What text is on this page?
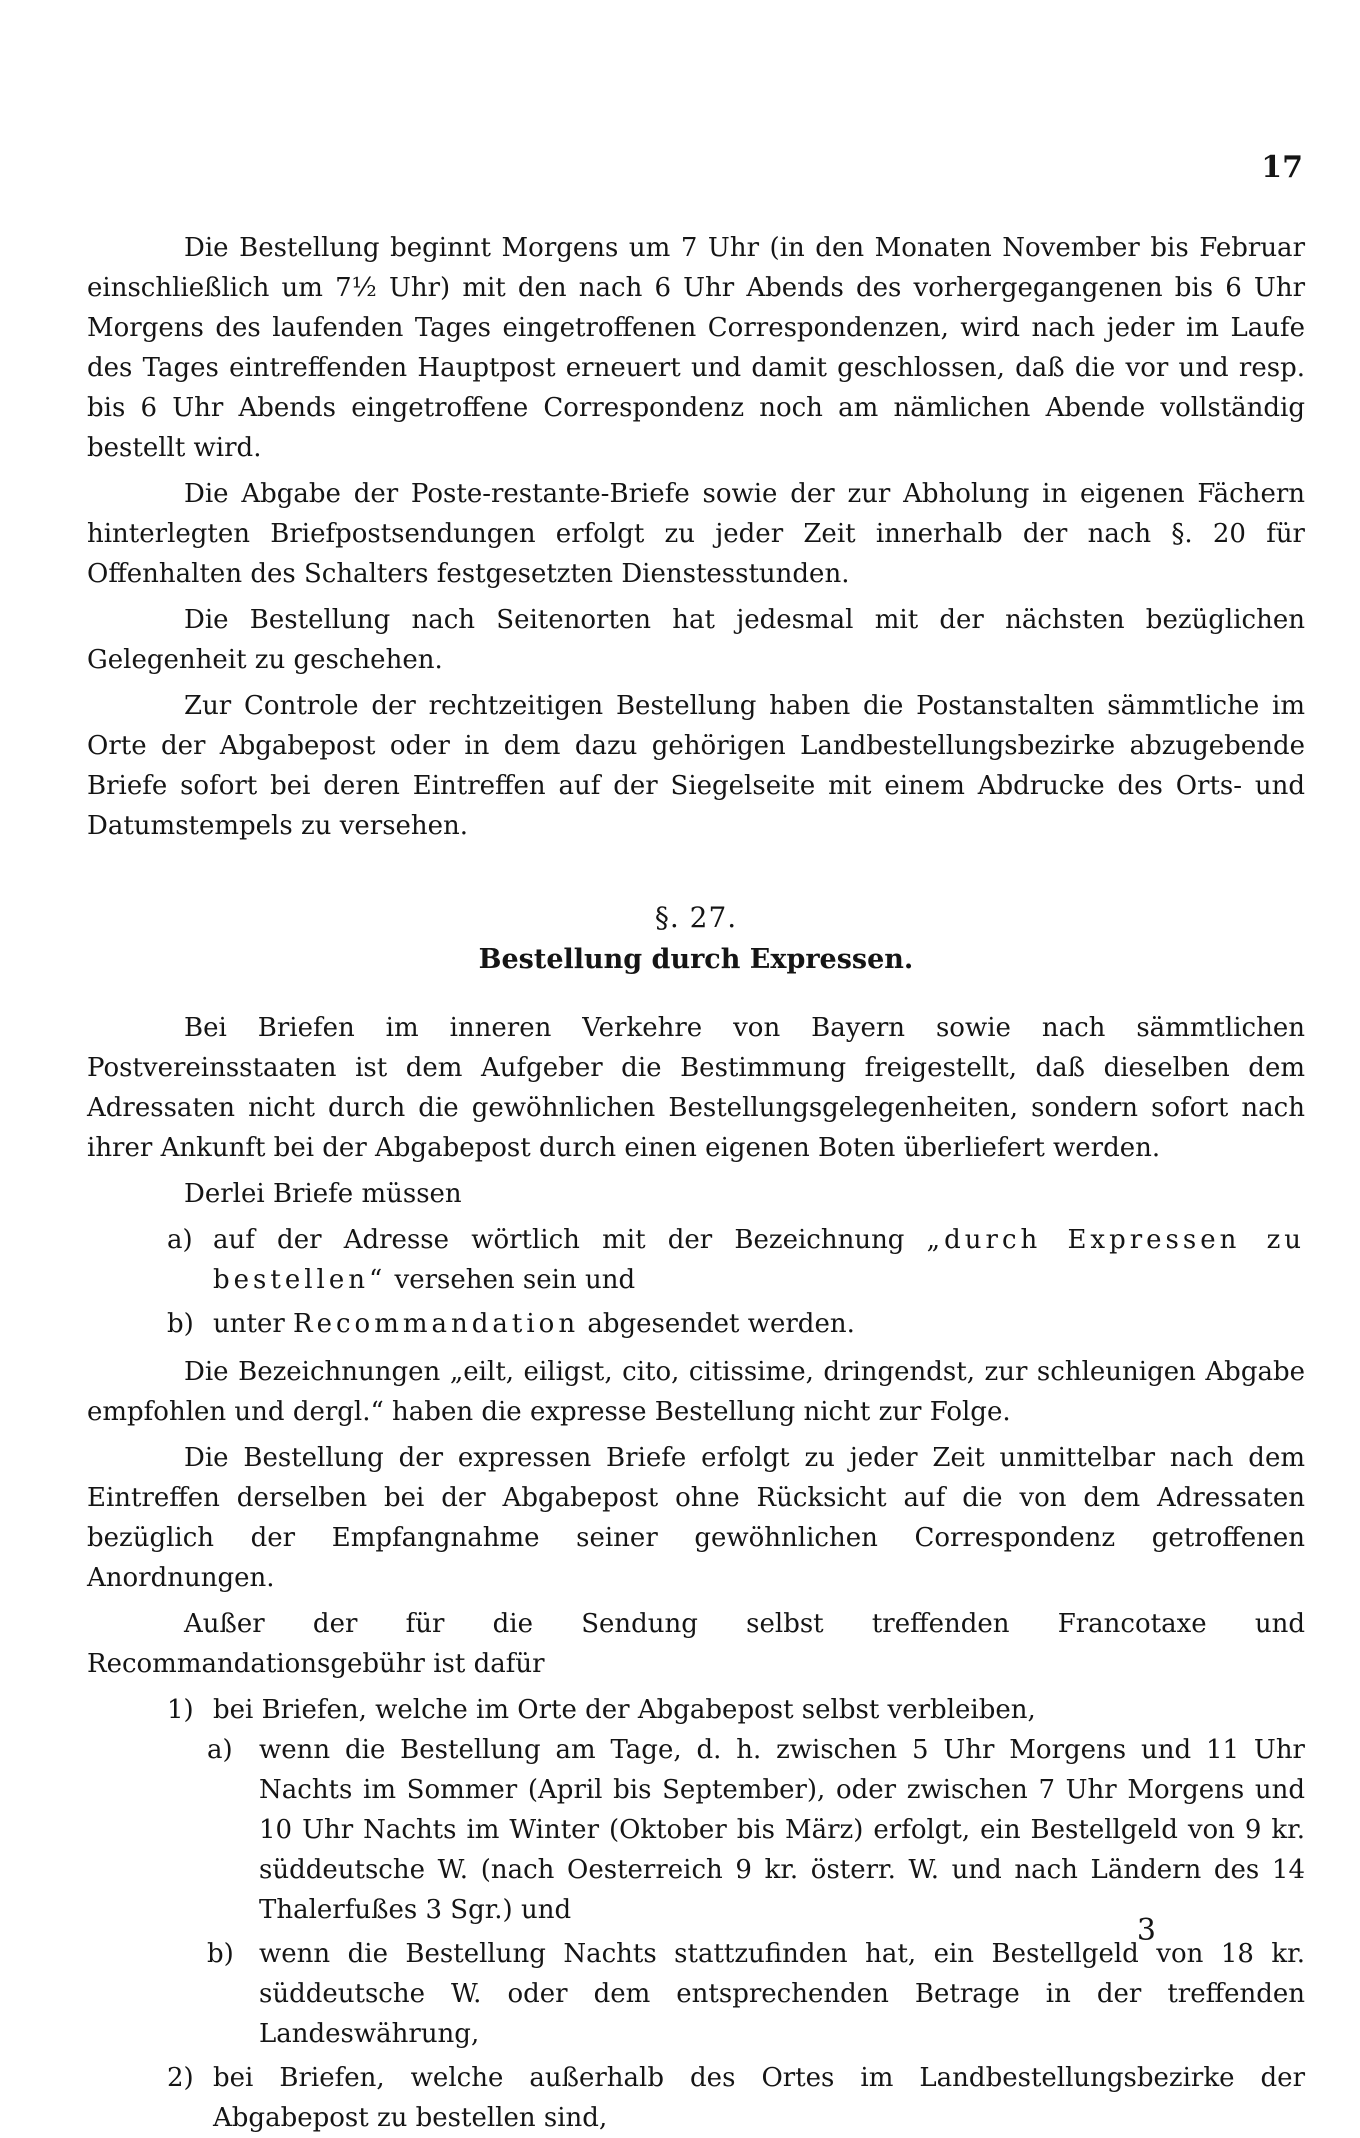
17

Die Bestellung beginnt Morgens um 7 Uhr (in den Monaten November bis Februar einschließlich um 7½ Uhr) mit den nach 6 Uhr Abends des vorhergegangenen bis 6 Uhr Morgens des laufenden Tages eingetroffenen Correspondenzen, wird nach jeder im Laufe des Tages eintreffenden Hauptpost erneuert und damit geschlossen, daß die vor und resp. bis 6 Uhr Abends eingetroffene Correspondenz noch am nämlichen Abende vollständig bestellt wird.

Die Abgabe der Poste-restante-Briefe sowie der zur Abholung in eigenen Fächern hinterlegten Briefpostsendungen erfolgt zu jeder Zeit innerhalb der nach §. 20 für Offenhalten des Schalters festgesetzten Dienstesstunden.

Die Bestellung nach Seitenorten hat jedesmal mit der nächsten bezüglichen Gelegenheit zu geschehen.

Zur Controle der rechtzeitigen Bestellung haben die Postanstalten sämmtliche im Orte der Abgabepost oder in dem dazu gehörigen Landbestellungsbezirke abzugebende Briefe sofort bei deren Eintreffen auf der Siegelseite mit einem Abdrucke des Orts- und Datumstempels zu versehen.

§. 27.
Bestellung durch Expressen.

Bei Briefen im inneren Verkehre von Bayern sowie nach sämmtlichen Postvereinsstaaten ist dem Aufgeber die Bestimmung freigestellt, daß dieselben dem Adressaten nicht durch die gewöhnlichen Bestellungsgelegenheiten, sondern sofort nach ihrer Ankunft bei der Abgabepost durch einen eigenen Boten überliefert werden.

Derlei Briefe müssen

a) auf der Adresse wörtlich mit der Bezeichnung „durch Expressen zu bestellen“ versehen sein und
b) unter Recommandation abgesendet werden.

Die Bezeichnungen „eilt, eiligst, cito, citissime, dringendst, zur schleunigen Abgabe empfohlen und dergl.“ haben die expresse Bestellung nicht zur Folge.

Die Bestellung der expressen Briefe erfolgt zu jeder Zeit unmittelbar nach dem Eintreffen derselben bei der Abgabepost ohne Rücksicht auf die von dem Adressaten bezüglich der Empfangnahme seiner gewöhnlichen Correspondenz getroffenen Anordnungen.

Außer der für die Sendung selbst treffenden Francotaxe und Recommandationsgebühr ist dafür

1) bei Briefen, welche im Orte der Abgabepost selbst verbleiben,
a)	wenn die Bestellung am Tage, d. h. zwischen 5 Uhr Morgens und 11 Uhr Nachts im Sommer (April bis September), oder zwischen 7 Uhr Morgens und 10 Uhr Nachts im Winter (Oktober bis März) erfolgt, ein Bestellgeld von 9 kr. süddeutsche W. (nach Oesterreich 9 kr. österr. W. und nach Ländern des 14 Thalerfußes 3 Sgr.) und
b) wenn die Bestellung Nachts stattzufinden hat, ein Bestellgeld von 18 kr. süddeutsche W. oder dem entsprechenden Betrage in der treffenden Landeswährung,
2) bei Briefen, welche außerhalb des Ortes im Landbestellungsbezirke der Abgabepost zu bestellen sind,
3
